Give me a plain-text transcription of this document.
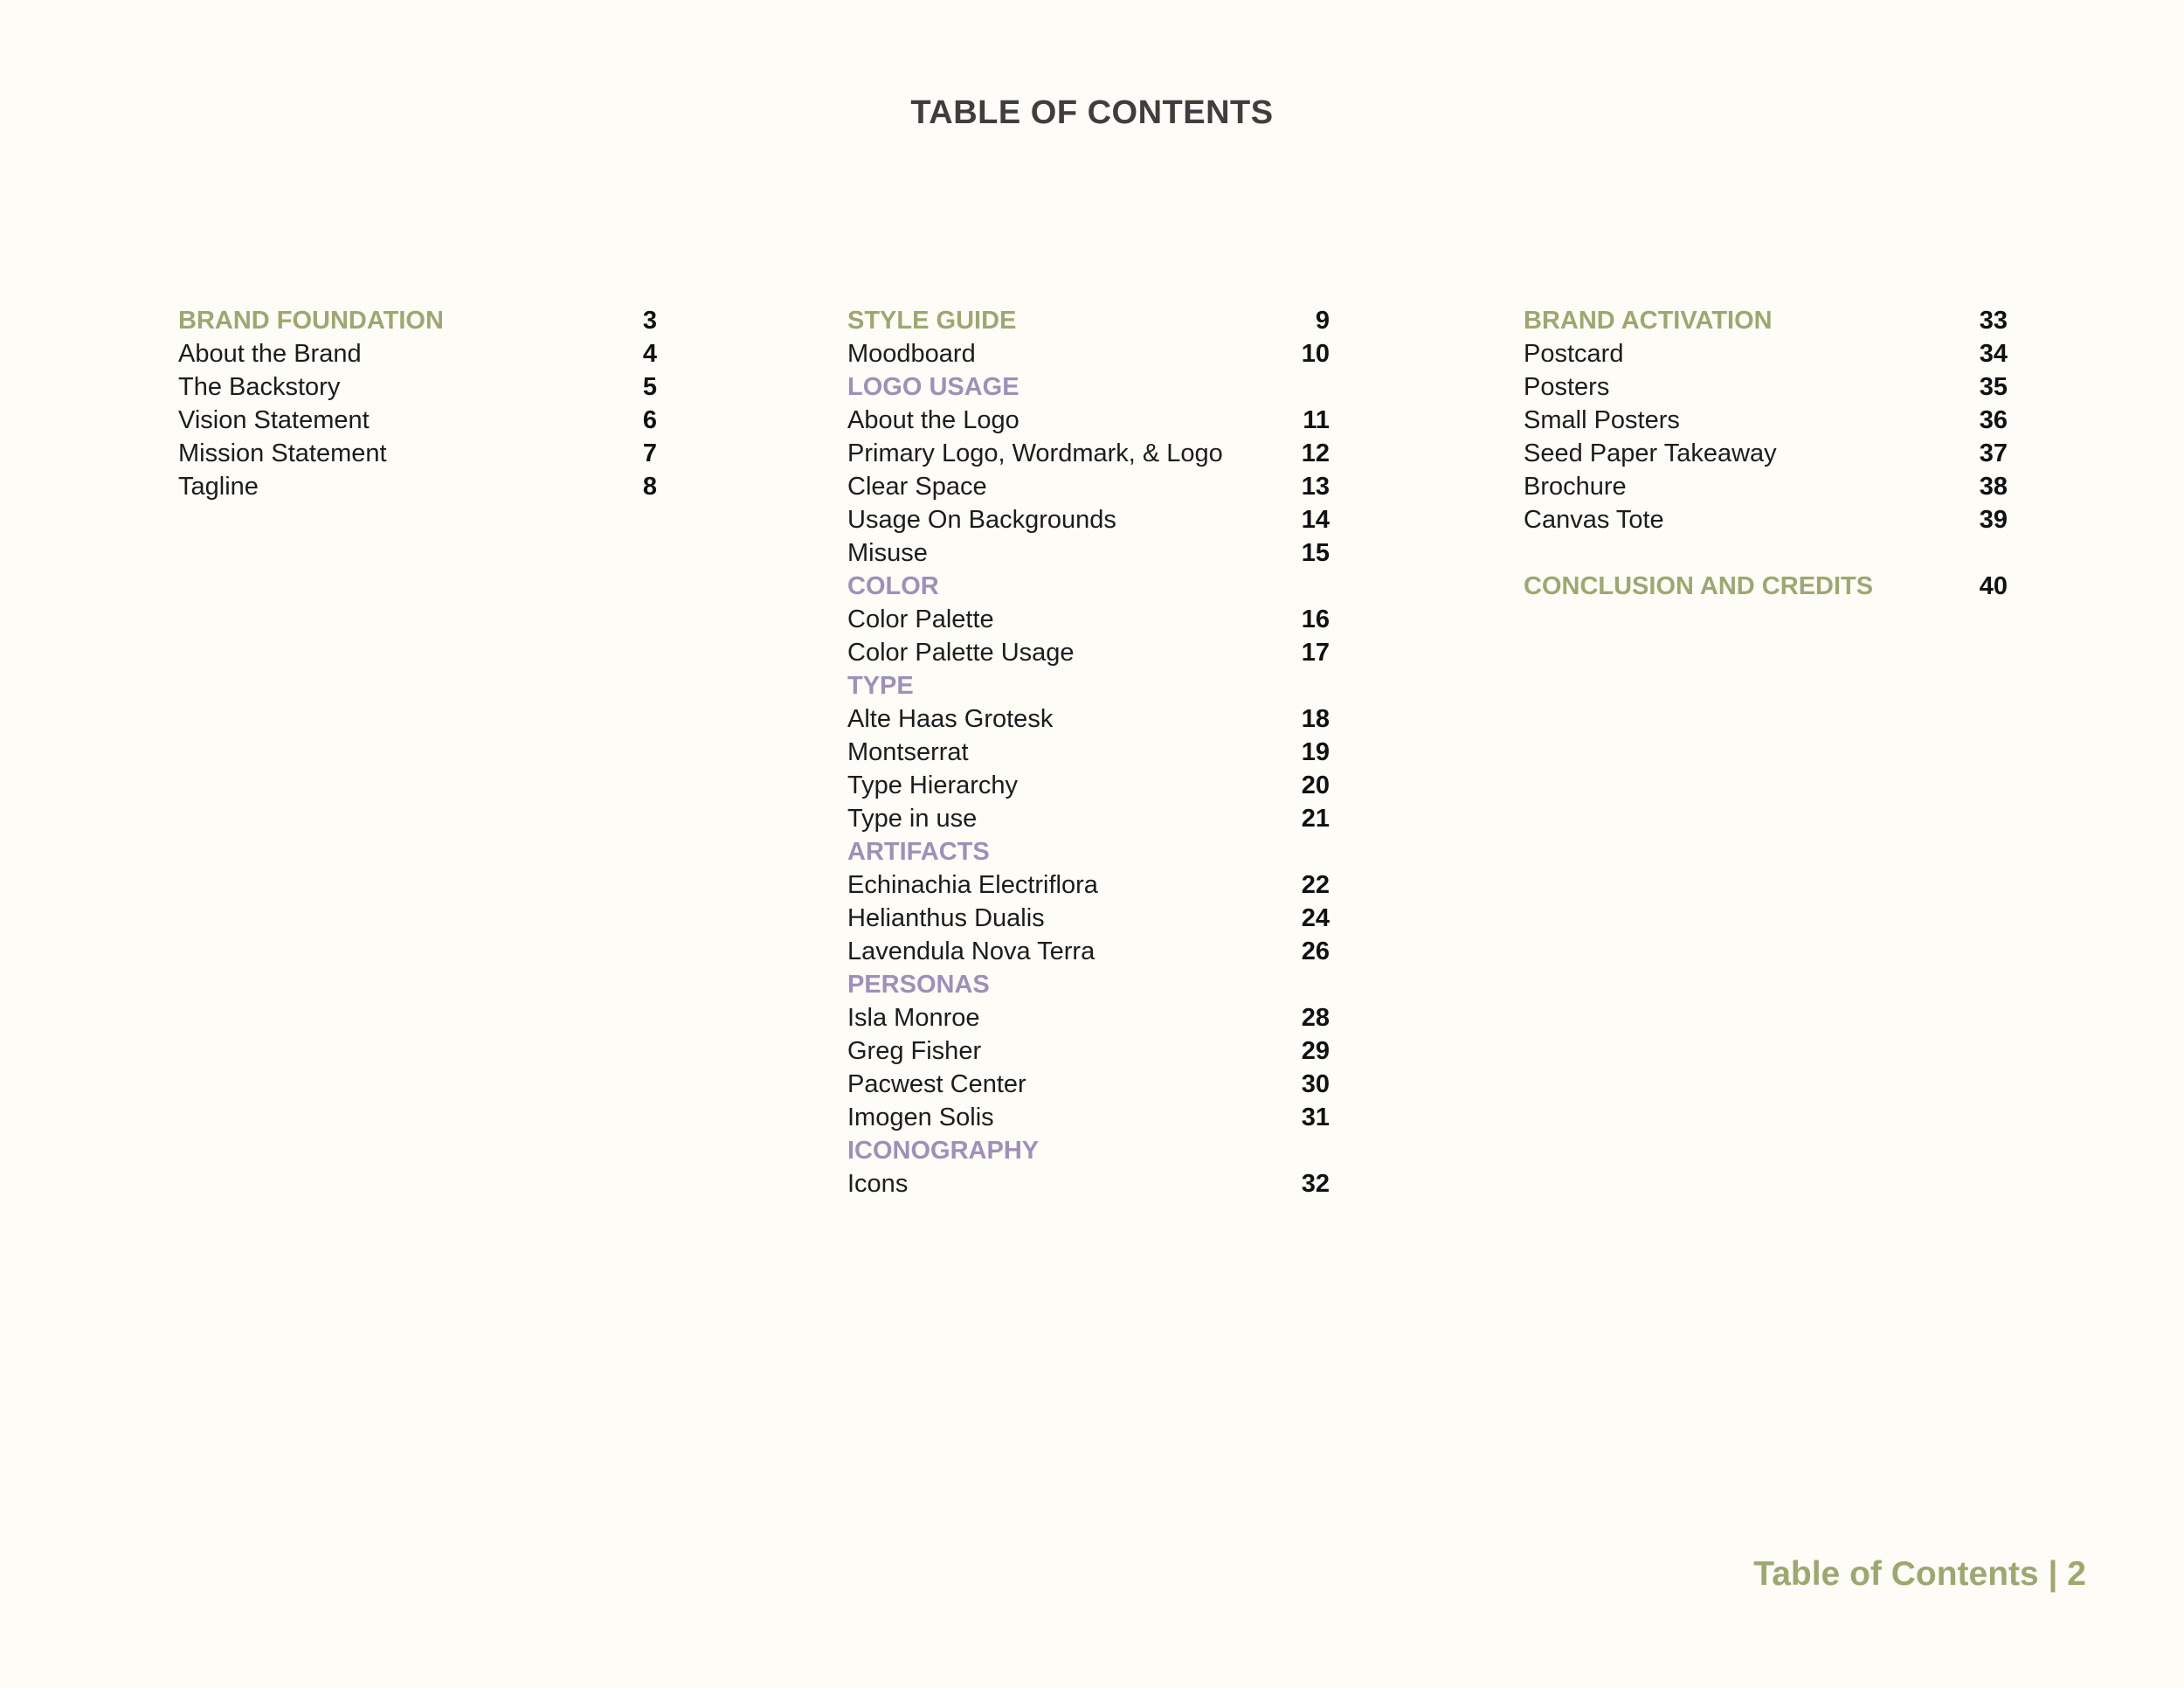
TABLE OF CONTENTS
BRAND FOUNDATION	3
About the Brand	4
The Backstory	5
Vision Statement	6
Mission Statement	7
Tagline	8
STYLE GUIDE	9
Moodboard	10
LOGO USAGE
About the Logo	11
Primary Logo, Wordmark, & Logo	12
Clear Space	13
Usage On Backgrounds	14
Misuse	15
COLOR
Color Palette	16
Color Palette Usage	17
TYPE
Alte Haas Grotesk	18
Montserrat	19
Type Hierarchy	20
Type in use	21
ARTIFACTS
Echinachia Electriflora	22
Helianthus Dualis	24
Lavendula Nova Terra	26
PERSONAS
Isla Monroe	28
Greg Fisher	29
Pacwest Center	30
Imogen Solis	31
ICONOGRAPHY
Icons	32
BRAND ACTIVATION	33
Postcard	34
Posters	35
Small Posters	36
Seed Paper Takeaway	37
Brochure	38
Canvas Tote	39
CONCLUSION AND CREDITS	40
Table of Contents | 2
